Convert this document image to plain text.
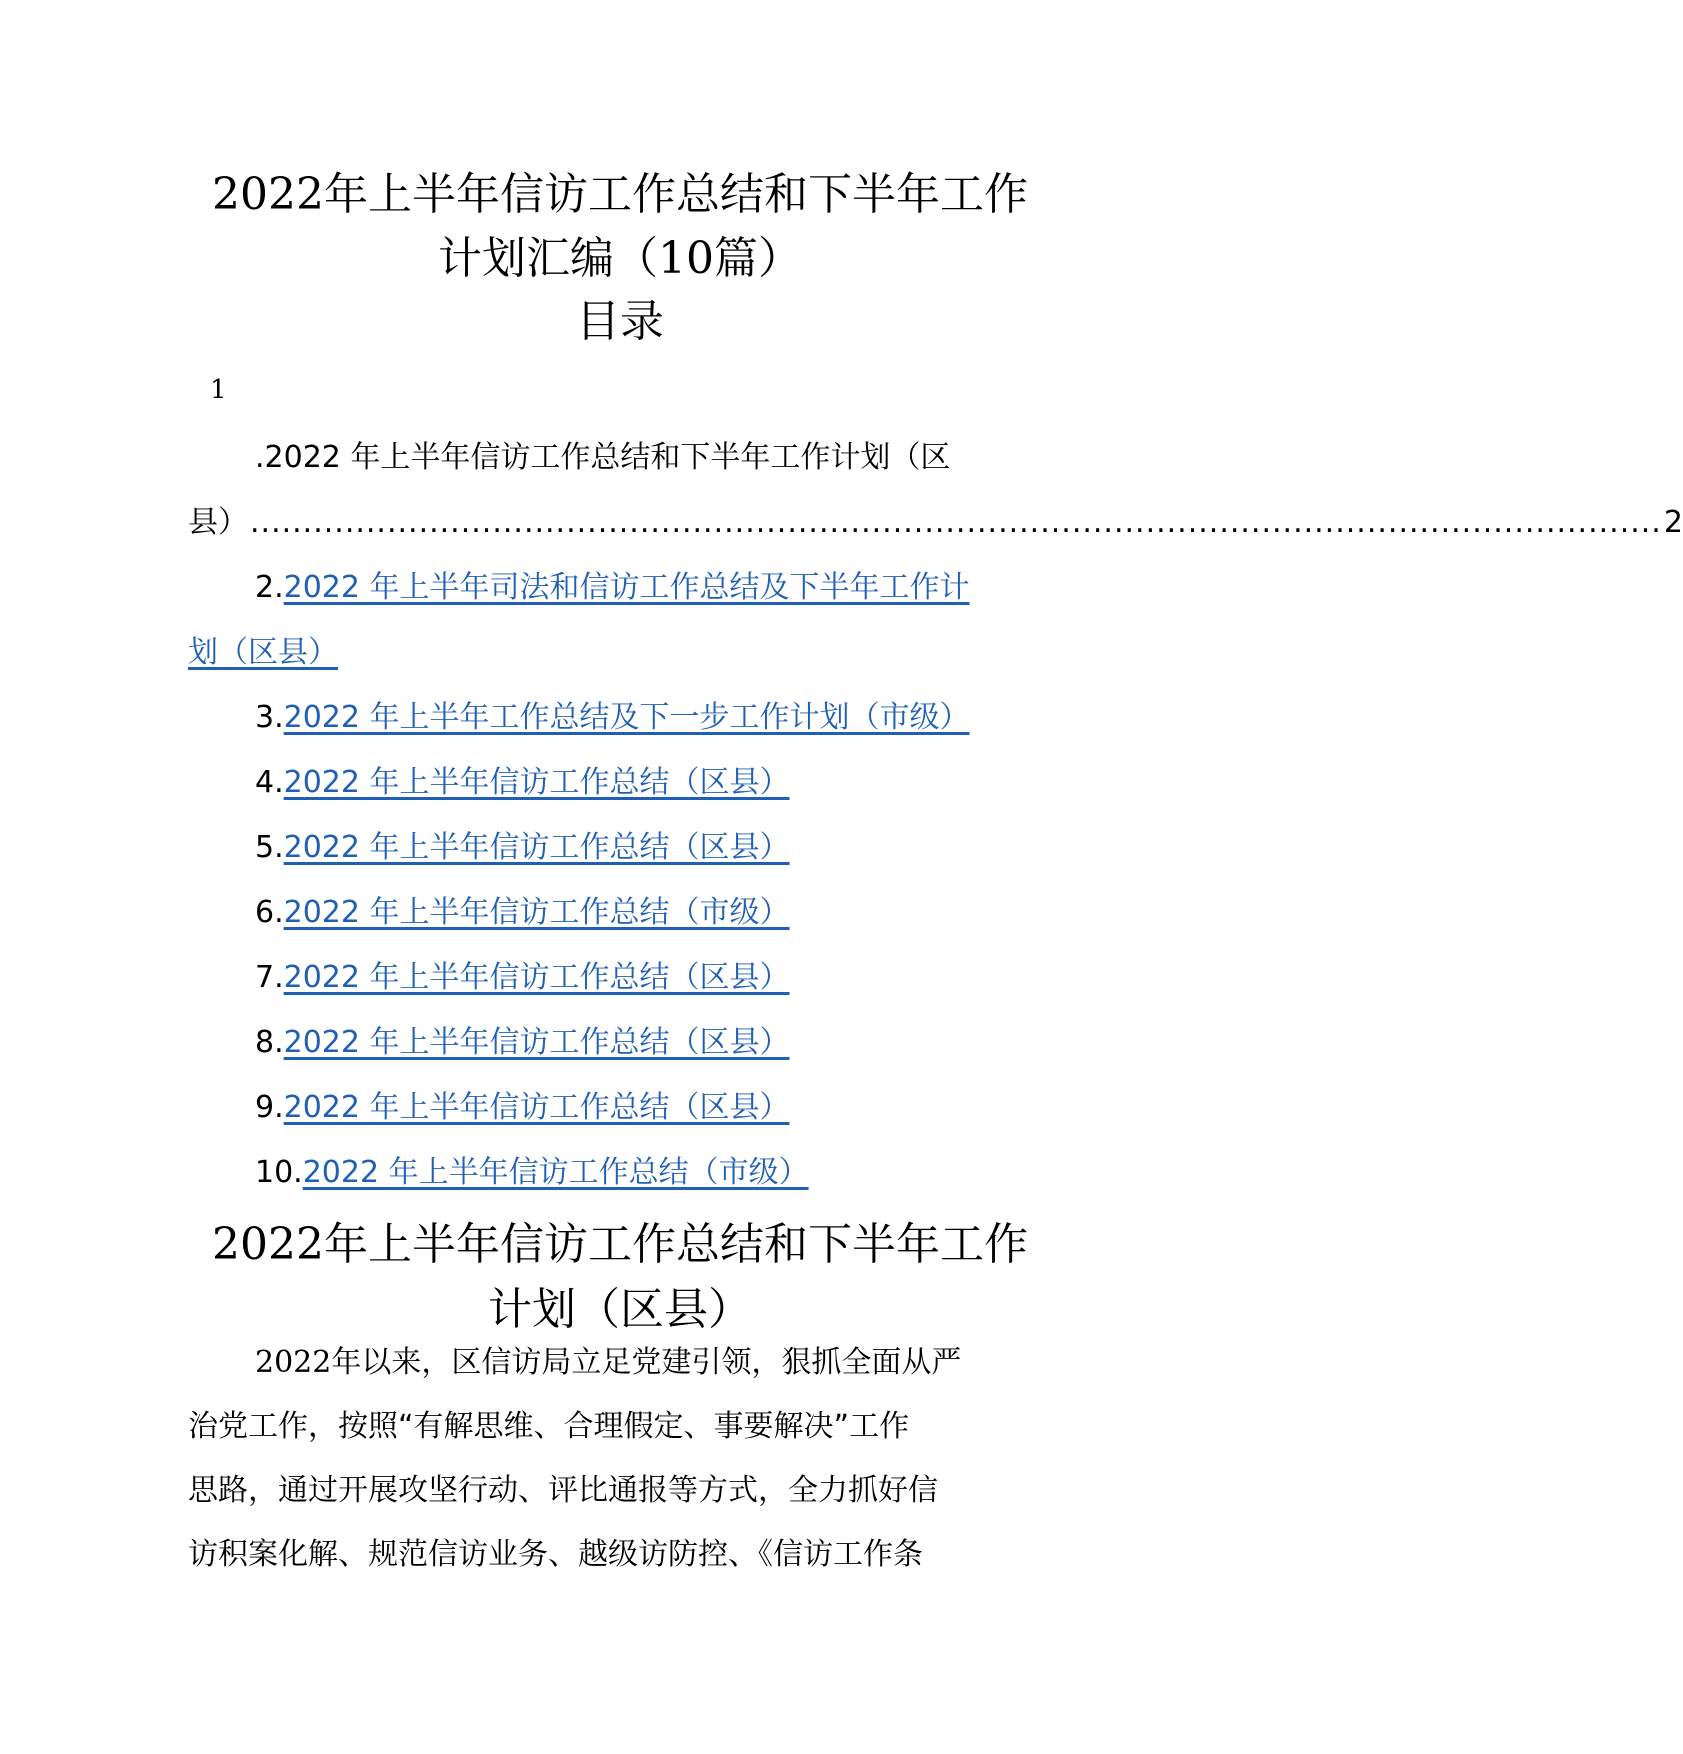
2022年上半年信访工作总结和下半年工作
计划汇编（10篇）
目录
1
.2022 年上半年信访工作总结和下半年工作计划（区
县） ...................................................................................................................................... 2
2.2022 年上半年司法和信访工作总结及下半年工作计
划（区县）
3.2022 年上半年工作总结及下一步工作计划（市级）
4.2022 年上半年信访工作总结（区县）
5.2022 年上半年信访工作总结（区县）
6.2022 年上半年信访工作总结（市级）
7.2022 年上半年信访工作总结（区县）
8.2022 年上半年信访工作总结（区县）
9.2022 年上半年信访工作总结（区县）
10.2022 年上半年信访工作总结（市级）
2022年上半年信访工作总结和下半年工作
计划（区县）
2022年以来，区信访局立足党建引领，狠抓全面从严
治党工作，按照“有解思维、合理假定、事要解决”工作
思路，通过开展攻坚行动、评比通报等方式，全力抓好信
访积案化解、规范信访业务、越级访防控、《信访工作条
